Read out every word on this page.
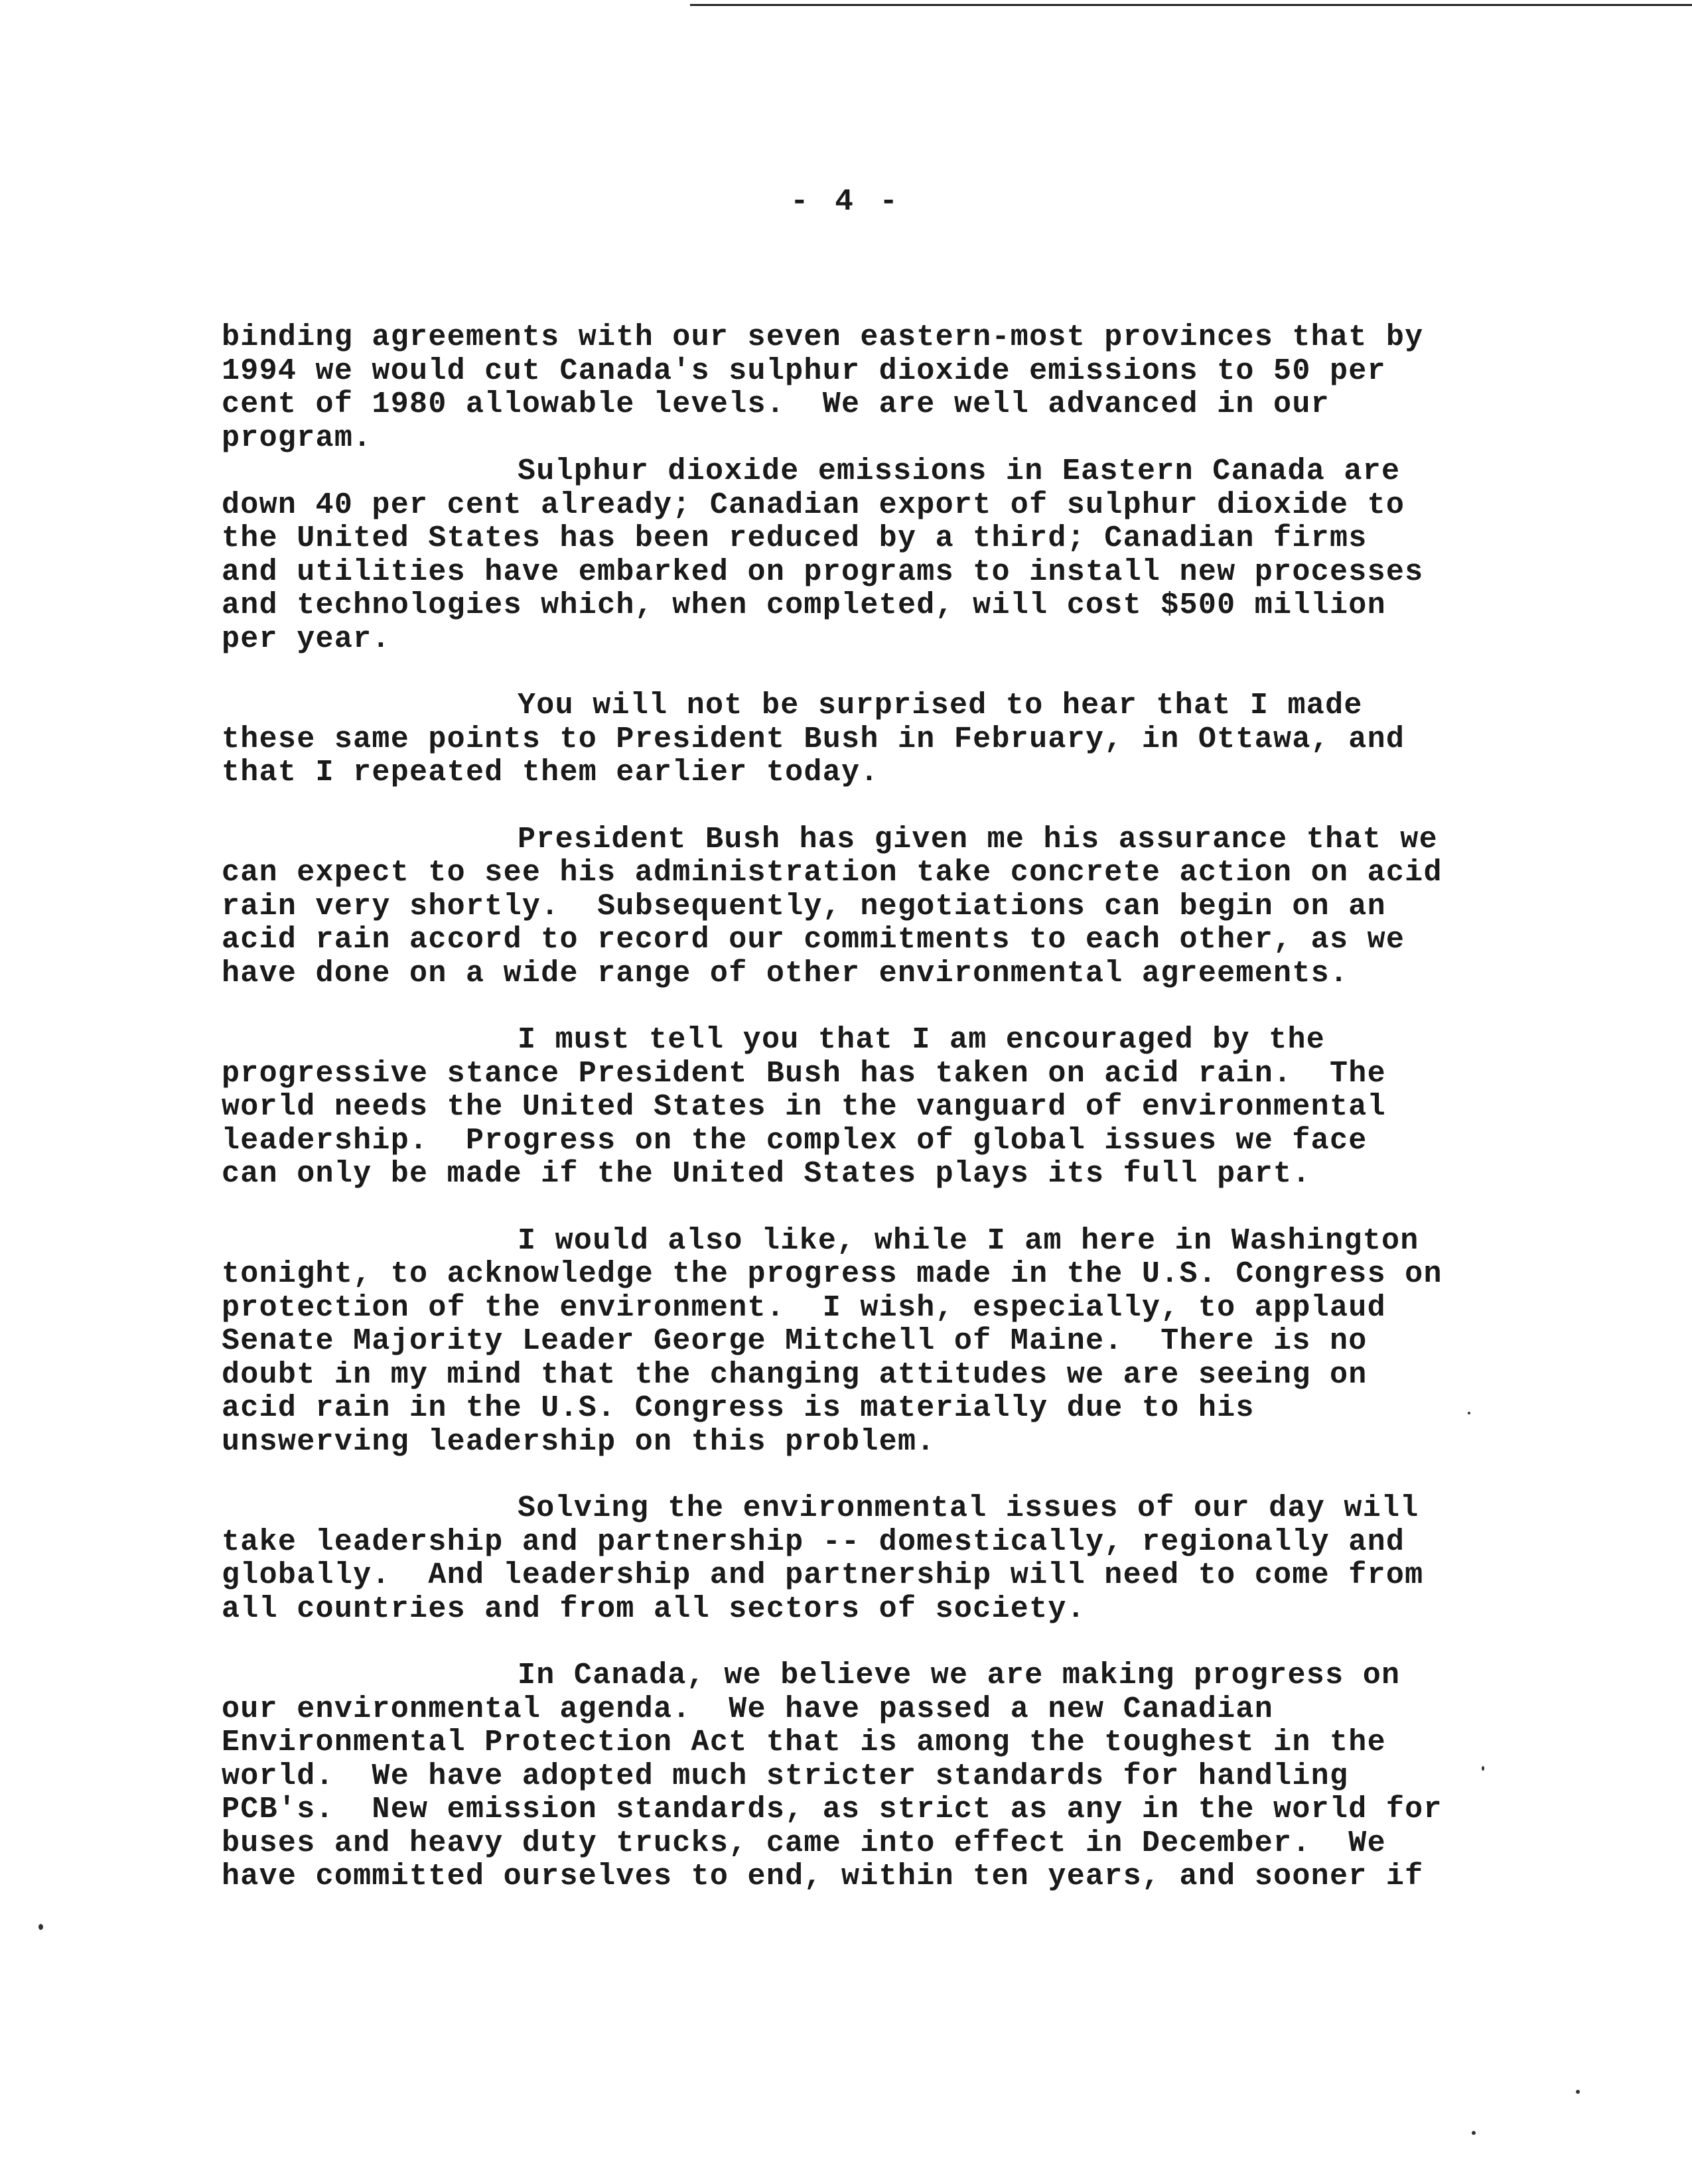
- 4 -

binding agreements with our seven eastern-most provinces that by
1994 we would cut Canada's sulphur dioxide emissions to 50 per
cent of 1980 allowable levels.  We are well advanced in our
program.

Sulphur dioxide emissions in Eastern Canada are
down 40 per cent already; Canadian export of sulphur dioxide to
the United States has been reduced by a third; Canadian firms
and utilities have embarked on programs to install new processes
and technologies which, when completed, will cost $500 million
per year.

You will not be surprised to hear that I made
these same points to President Bush in February, in Ottawa, and
that I repeated them earlier today.

President Bush has given me his assurance that we
can expect to see his administration take concrete action on acid
rain very shortly.  Subsequently, negotiations can begin on an
acid rain accord to record our commitments to each other, as we
have done on a wide range of other environmental agreements.

I must tell you that I am encouraged by the
progressive stance President Bush has taken on acid rain.  The
world needs the United States in the vanguard of environmental
leadership.  Progress on the complex of global issues we face
can only be made if the United States plays its full part.

I would also like, while I am here in Washington
tonight, to acknowledge the progress made in the U.S. Congress on
protection of the environment.  I wish, especially, to applaud
Senate Majority Leader George Mitchell of Maine.  There is no
doubt in my mind that the changing attitudes we are seeing on
acid rain in the U.S. Congress is materially due to his
unswerving leadership on this problem.

Solving the environmental issues of our day will
take leadership and partnership -- domestically, regionally and
globally.  And leadership and partnership will need to come from
all countries and from all sectors of society.

In Canada, we believe we are making progress on
our environmental agenda.  We have passed a new Canadian
Environmental Protection Act that is among the toughest in the
world.  We have adopted much stricter standards for handling
PCB's.  New emission standards, as strict as any in the world for
buses and heavy duty trucks, came into effect in December.  We
have committed ourselves to end, within ten years, and sooner if
